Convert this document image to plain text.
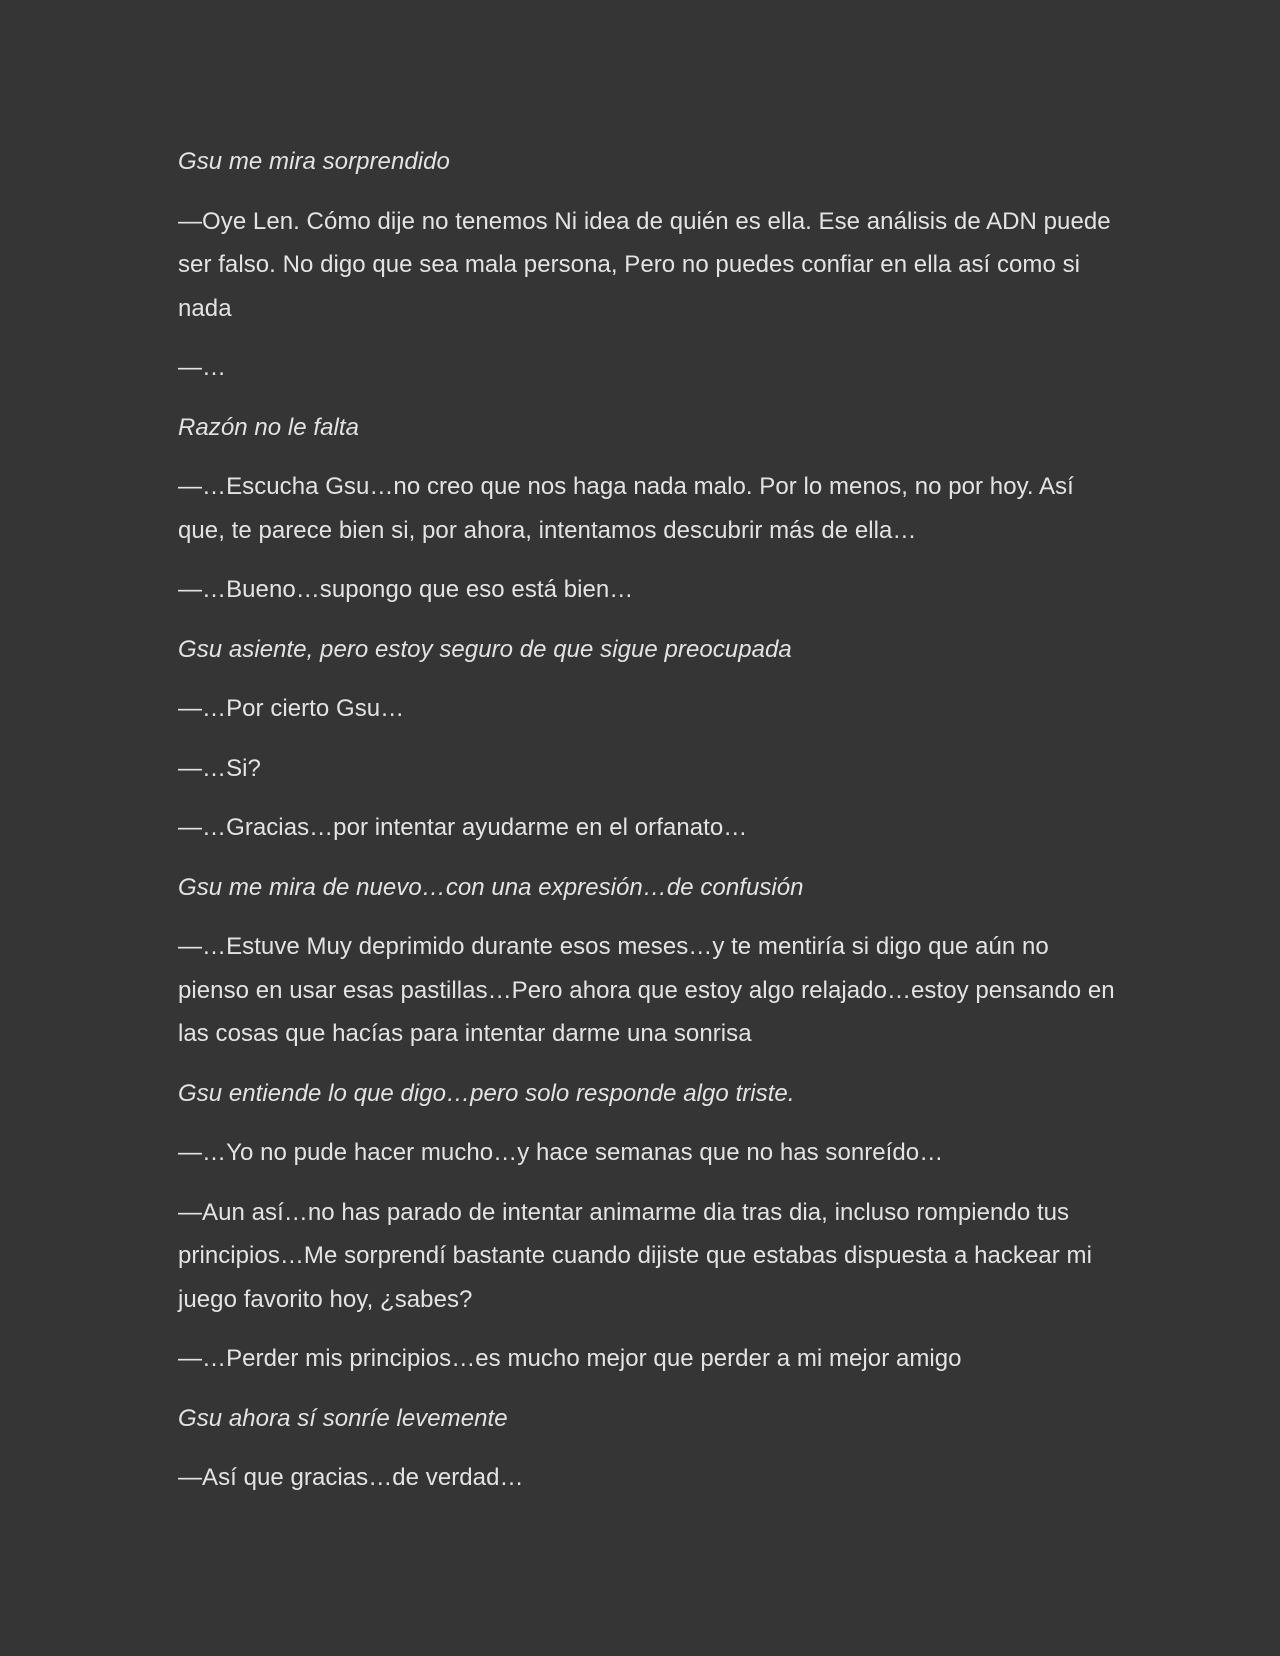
Gsu me mira sorprendido

—Oye Len. Cómo dije no tenemos Ni idea de quién es ella. Ese análisis de ADN puede ser falso. No digo que sea mala persona, Pero no puedes confiar en ella así como si nada

—…

Razón no le falta

—…Escucha Gsu…no creo que nos haga nada malo. Por lo menos, no por hoy. Así que, te parece bien si, por ahora, intentamos descubrir más de ella…

—…Bueno…supongo que eso está bien…

Gsu asiente, pero estoy seguro de que sigue preocupada

—…Por cierto Gsu…

—…Si?

—…Gracias…por intentar ayudarme en el orfanato…

Gsu me mira de nuevo…con una expresión…de confusión

—…Estuve Muy deprimido durante esos meses…y te mentiría si digo que aún no pienso en usar esas pastillas…Pero ahora que estoy algo relajado…estoy pensando en las cosas que hacías para intentar darme una sonrisa

Gsu entiende lo que digo…pero solo responde algo triste.

—…Yo no pude hacer mucho…y hace semanas que no has sonreído…

—Aun así…no has parado de intentar animarme dia tras dia, incluso rompiendo tus principios…Me sorprendí bastante cuando dijiste que estabas dispuesta a hackear mi juego favorito hoy, ¿sabes?

—…Perder mis principios…es mucho mejor que perder a mi mejor amigo

Gsu ahora sí sonríe levemente

—Así que gracias…de verdad…
